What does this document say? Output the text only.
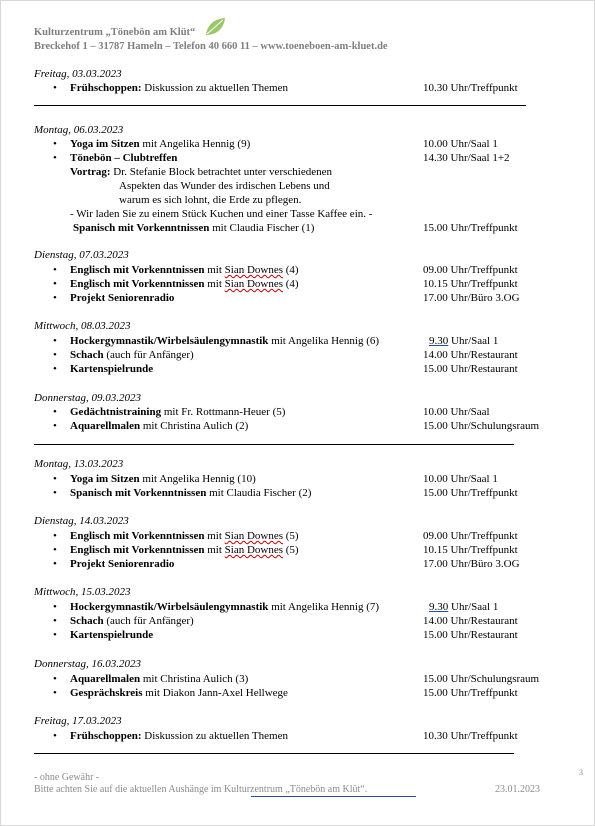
Kulturzentrum „Tönebön am Klüt“
Breckehof 1 – 31787 Hameln – Telefon 40 660 11 – www.toeneboen-am-kluet.de
Freitag, 03.03.2023
• Frühschoppen: Diskussion zu aktuellen Themen	10.30 Uhr/Treffpunkt
Montag, 06.03.2023
• Yoga im Sitzen mit Angelika Hennig (9)	10.00 Uhr/Saal 1
• Tönebön – Clubtreffen	14.30 Uhr/Saal 1+2
Vortrag: Dr. Stefanie Block betrachtet unter verschiedenen
Aspekten das Wunder des irdischen Lebens und
warum es sich lohnt, die Erde zu pflegen.
- Wir laden Sie zu einem Stück Kuchen und einer Tasse Kaffee ein. -
Spanisch mit Vorkenntnissen mit Claudia Fischer (1)	15.00 Uhr/Treffpunkt
Dienstag, 07.03.2023
• Englisch mit Vorkenntnissen mit Sian Downes (4)	09.00 Uhr/Treffpunkt
• Englisch mit Vorkenntnissen mit Sian Downes (4)	10.15 Uhr/Treffpunkt
• Projekt Seniorenradio	17.00 Uhr/Büro 3.OG
Mittwoch, 08.03.2023
• Hockergymnastik/Wirbelsäulengymnastik mit Angelika Hennig (6)	9.30 Uhr/Saal 1
• Schach (auch für Anfänger)	14.00 Uhr/Restaurant
• Kartenspielrunde	15.00 Uhr/Restaurant
Donnerstag, 09.03.2023
• Gedächtnistraining mit Fr. Rottmann-Heuer (5)	10.00 Uhr/Saal
• Aquarellmalen mit Christina Aulich (2)	15.00 Uhr/Schulungsraum
Montag, 13.03.2023
• Yoga im Sitzen mit Angelika Hennig (10)	10.00 Uhr/Saal 1
• Spanisch mit Vorkenntnissen mit Claudia Fischer (2)	15.00 Uhr/Treffpunkt
Dienstag, 14.03.2023
• Englisch mit Vorkenntnissen mit Sian Downes (5)	09.00 Uhr/Treffpunkt
• Englisch mit Vorkenntnissen mit Sian Downes (5)	10.15 Uhr/Treffpunkt
• Projekt Seniorenradio	17.00 Uhr/Büro 3.OG
Mittwoch, 15.03.2023
• Hockergymnastik/Wirbelsäulengymnastik mit Angelika Hennig (7)	9.30 Uhr/Saal 1
• Schach (auch für Anfänger)	14.00 Uhr/Restaurant
• Kartenspielrunde	15.00 Uhr/Restaurant
Donnerstag, 16.03.2023
• Aquarellmalen mit Christina Aulich (3)	15.00 Uhr/Schulungsraum
• Gesprächskreis mit Diakon Jann-Axel Hellwege	15.00 Uhr/Treffpunkt
Freitag, 17.03.2023
• Frühschoppen: Diskussion zu aktuellen Themen	10.30 Uhr/Treffpunkt
- ohne Gewähr -
Bitte achten Sie auf die aktuellen Aushänge im Kulturzentrum „Tönebön am Klüt“.	23.01.2023
3
